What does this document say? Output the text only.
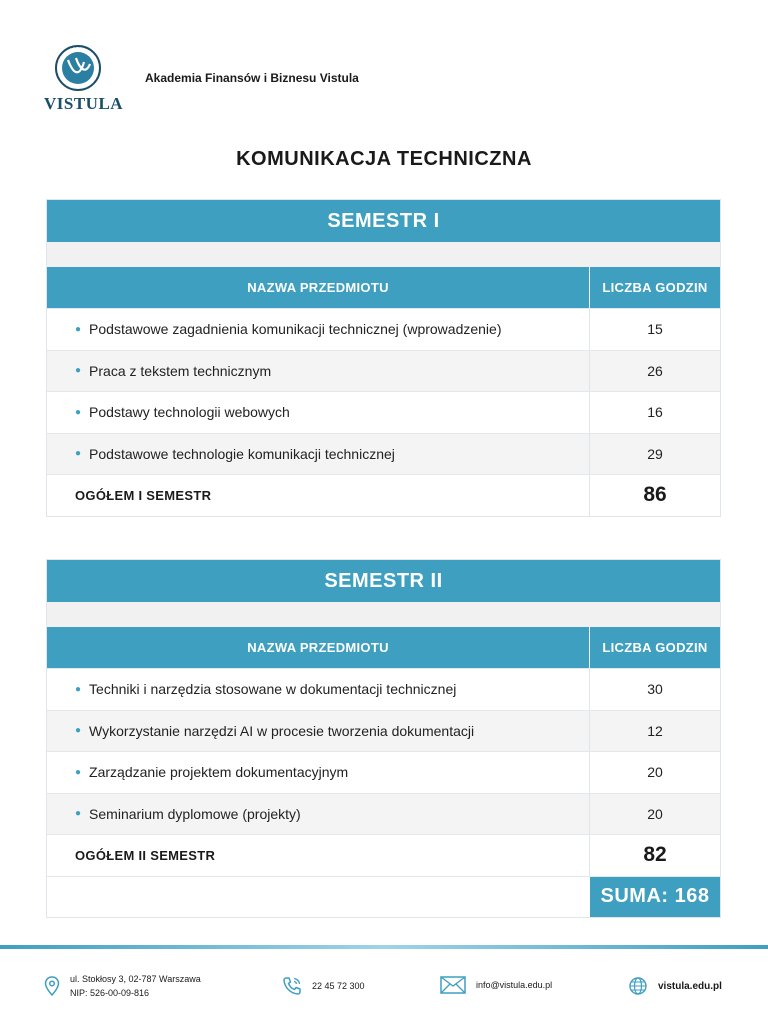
VISTULA
Akademia Finansów i Biznesu Vistula
KOMUNIKACJA TECHNICZNA
SEMESTR I
NAZWA PRZEDMIOTU	LICZBA GODZIN
● Podstawowe zagadnienia komunikacji technicznej (wprowadzenie)	15
● Praca z tekstem technicznym	26
● Podstawy technologii webowych	16
● Podstawowe technologie komunikacji technicznej	29
OGÓŁEM I SEMESTR	86
SEMESTR II
NAZWA PRZEDMIOTU	LICZBA GODZIN
● Techniki i narzędzia stosowane w dokumentacji technicznej	30
● Wykorzystanie narzędzi AI w procesie tworzenia dokumentacji	12
● Zarządzanie projektem dokumentacyjnym	20
● Seminarium dyplomowe (projekty)	20
OGÓŁEM II SEMESTR	82
SUMA: 168
ul. Stokłosy 3, 02-787 Warszawa
NIP: 526-00-09-816
22 45 72 300	info@vistula.edu.pl	vistula.edu.pl
